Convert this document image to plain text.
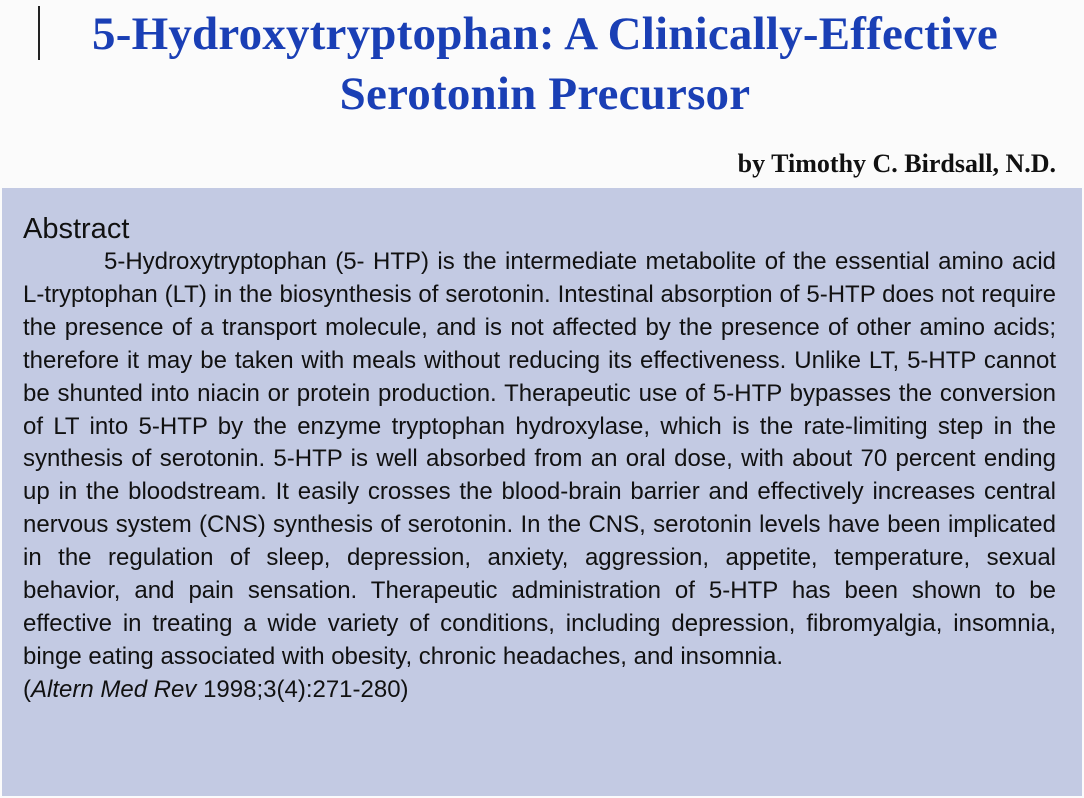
5-Hydroxytryptophan: A Clinically-Effective Serotonin Precursor

by Timothy C. Birdsall, N.D.

Abstract

5-Hydroxytryptophan (5- HTP) is the intermediate metabolite of the essential amino acid L-tryptophan (LT) in the biosynthesis of serotonin. Intestinal absorption of 5-HTP does not require the presence of a transport molecule, and is not affected by the presence of other amino acids; therefore it may be taken with meals without reducing its effectiveness. Unlike LT, 5-HTP cannot be shunted into niacin or protein production. Therapeutic use of 5-HTP bypasses the conversion of LT into 5-HTP by the enzyme tryptophan hydroxylase, which is the rate-limiting step in the synthesis of serotonin. 5-HTP is well absorbed from an oral dose, with about 70 percent ending up in the bloodstream. It easily crosses the blood-brain barrier and effectively increases central nervous system (CNS) synthesis of serotonin. In the CNS, serotonin levels have been implicated in the regulation of sleep, depression, anxiety, aggression, appetite, temperature, sexual behavior, and pain sensation. Therapeutic administration of 5-HTP has been shown to be effective in treating a wide variety of conditions, including depression, fibromyalgia, insomnia, binge eating associated with obesity, chronic headaches, and insomnia.

(Altern Med Rev 1998;3(4):271-280)
